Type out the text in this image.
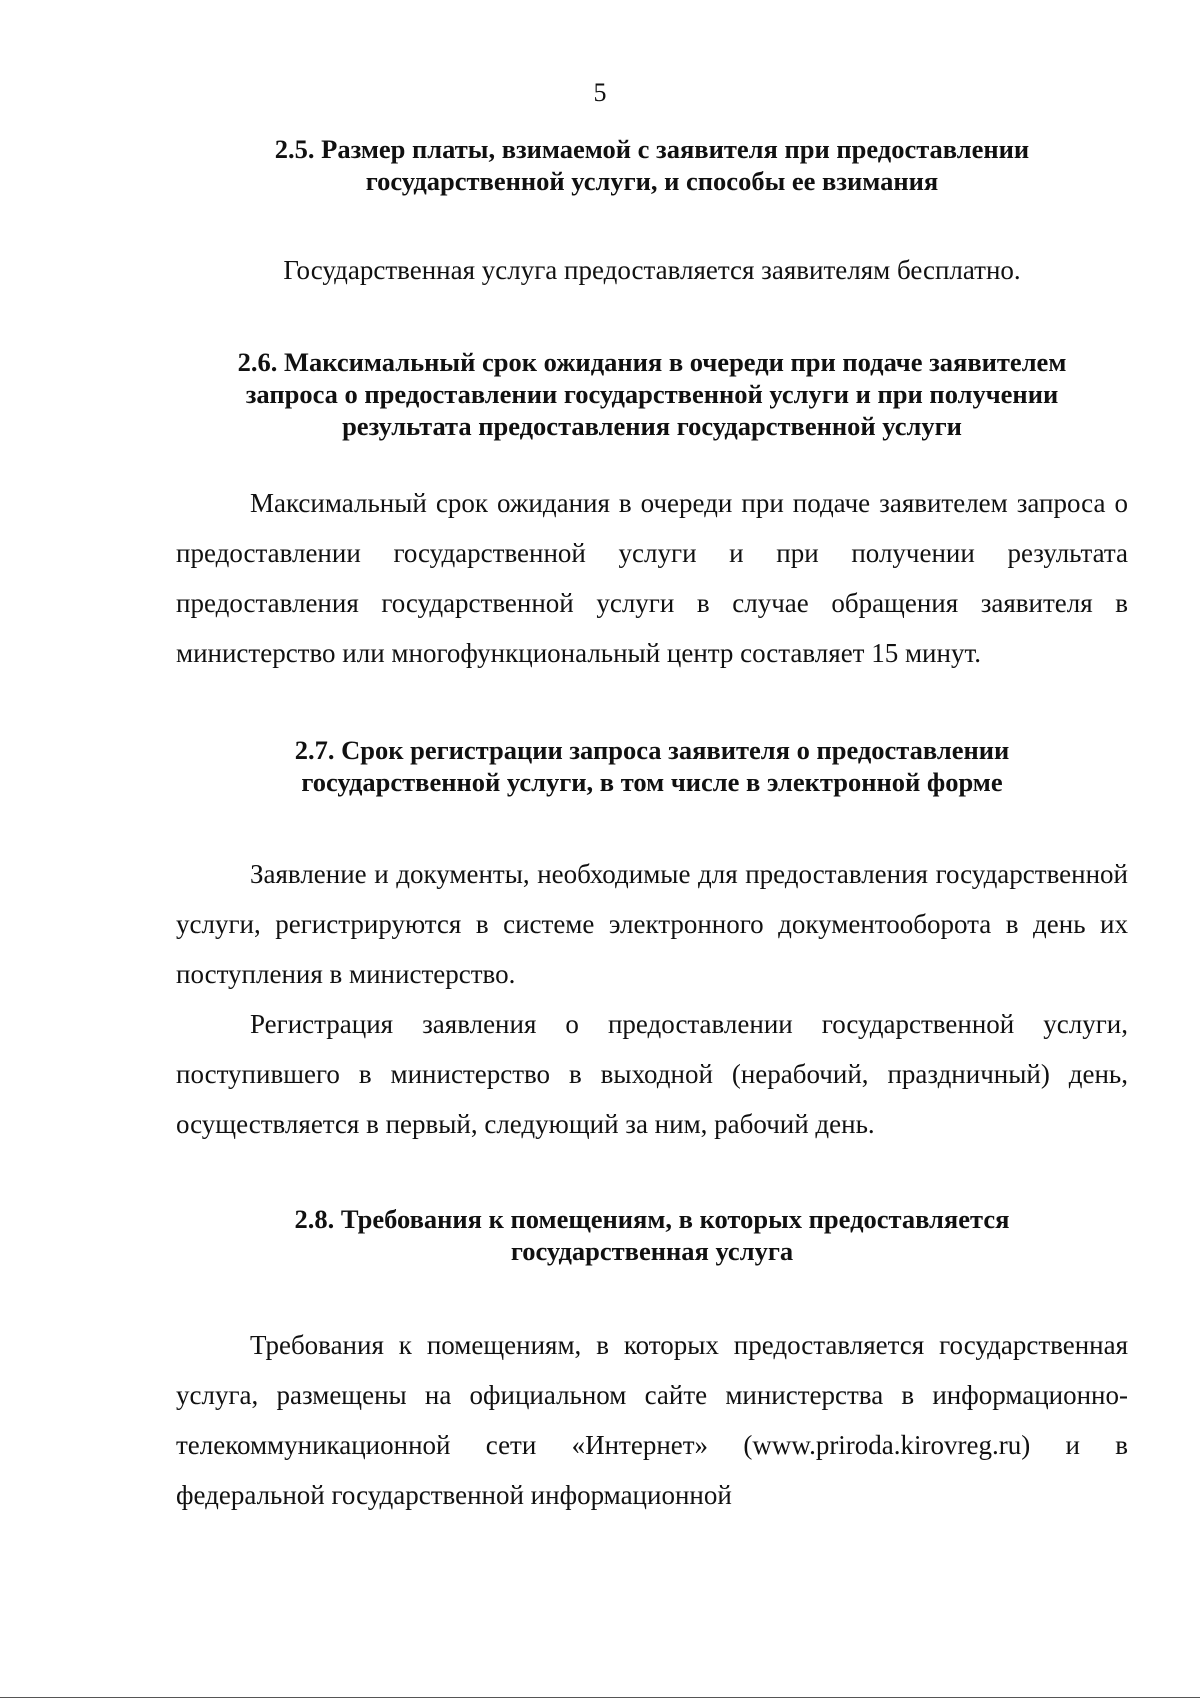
5
2.5. Размер платы, взимаемой с заявителя при предоставлении
государственной услуги, и способы ее взимания

Государственная услуга предоставляется заявителям бесплатно.

2.6. Максимальный срок ожидания в очереди при подаче заявителем
запроса о предоставлении государственной услуги и при получении
результата предоставления государственной услуги

Максимальный срок ожидания в очереди при подаче заявителем запроса о предоставлении государственной услуги и при получении результата предоставления государственной услуги в случае обращения заявителя в министерство или многофункциональный центр составляет 15 минут.

2.7. Срок регистрации запроса заявителя о предоставлении
государственной услуги, в том числе в электронной форме

Заявление и документы, необходимые для предоставления государственной услуги, регистрируются в системе электронного документооборота в день их поступления в министерство.

Регистрация заявления о предоставлении государственной услуги, поступившего в министерство в выходной (нерабочий, праздничный) день, осуществляется в первый, следующий за ним, рабочий день.

2.8. Требования к помещениям, в которых предоставляется
государственная услуга

Требования к помещениям, в которых предоставляется государственная услуга, размещены на официальном сайте министерства в информационно-телекоммуникационной сети «Интернет» (www.priroda.kirovreg.ru) и в федеральной государственной информационной
